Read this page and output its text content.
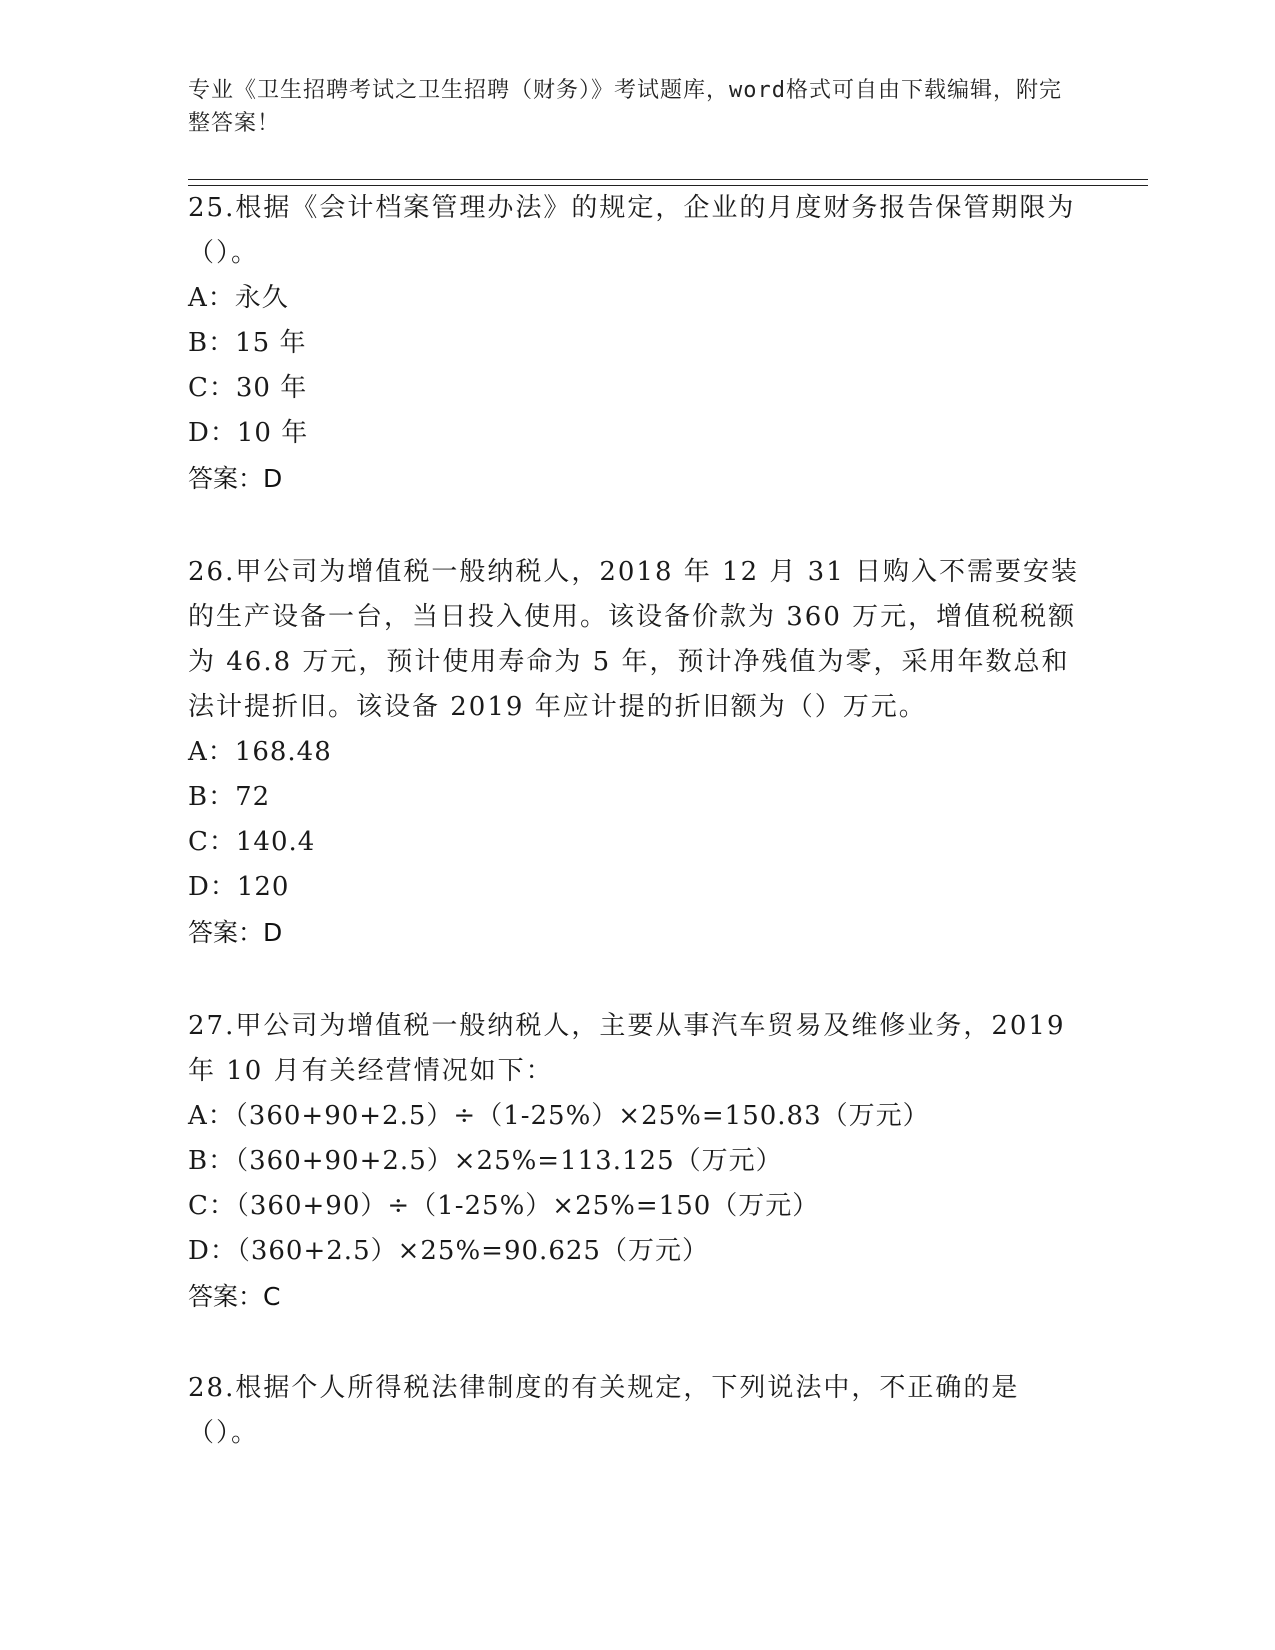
专业《卫生招聘考试之卫生招聘（财务）》考试题库，word格式可自由下载编辑，附完整答案！

25.根据《会计档案管理办法》的规定，企业的月度财务报告保管期限为（）。

A：永久

B：15 年

C：30 年

D：10 年

答案：D

26.甲公司为增值税一般纳税人，2018 年 12 月 31 日购入不需要安装的生产设备一台，当日投入使用。该设备价款为 360 万元，增值税税额为 46.8 万元，预计使用寿命为 5 年，预计净残值为零，采用年数总和法计提折旧。该设备 2019 年应计提的折旧额为（）万元。

A：168.48

B：72

C：140.4

D：120

答案：D

27.甲公司为增值税一般纳税人，主要从事汽车贸易及维修业务，2019 年 10 月有关经营情况如下：

A：（360+90+2.5）÷（1-25%）×25%=150.83（万元）

B：（360+90+2.5）×25%=113.125（万元）

C：（360+90）÷（1-25%）×25%=150（万元）

D：（360+2.5）×25%=90.625（万元）

答案：C

28.根据个人所得税法律制度的有关规定，下列说法中，不正确的是（）。
